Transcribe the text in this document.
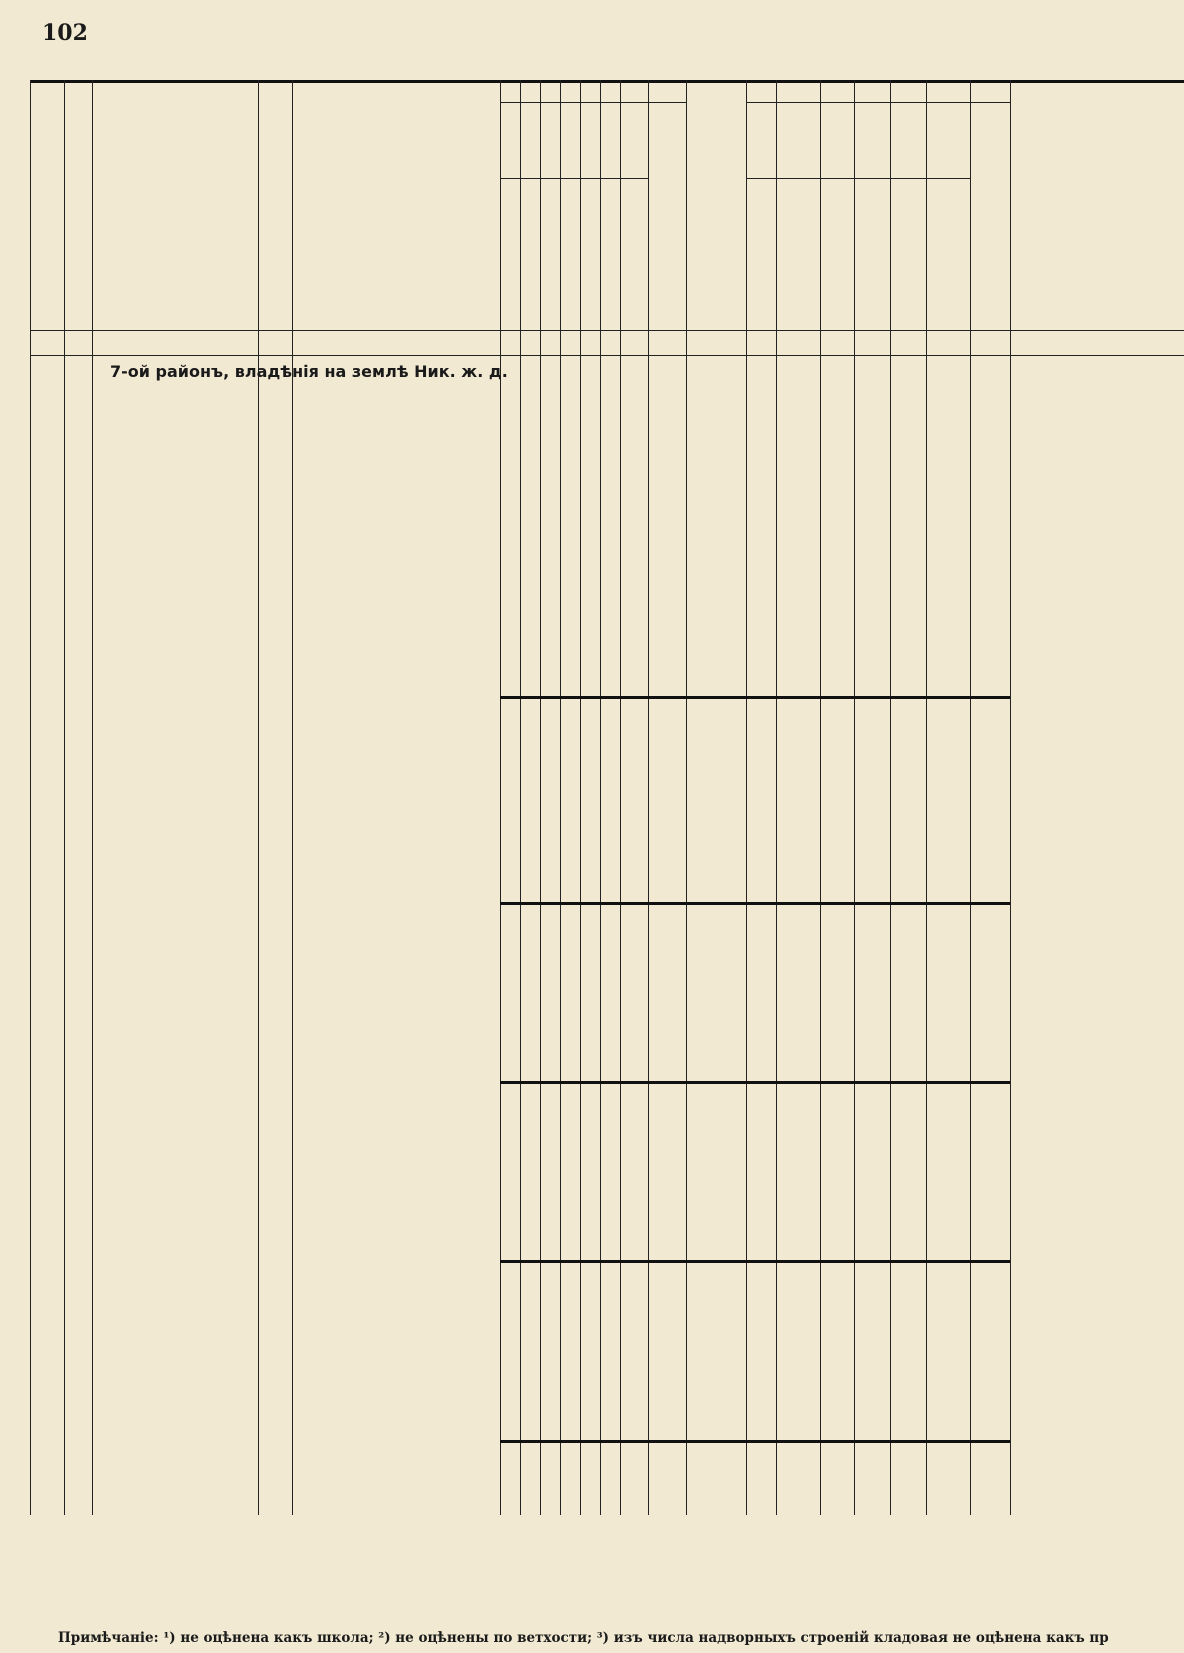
102
7-ой районъ, владѣнія на землѣ Ник. ж. д.
Примѣчаніе: ¹) не оцѣнена какъ школа; ²) не оцѣнены по ветхости; ³) изъ числа надворныхъ строеній кладовая не оцѣнена какъ пр
